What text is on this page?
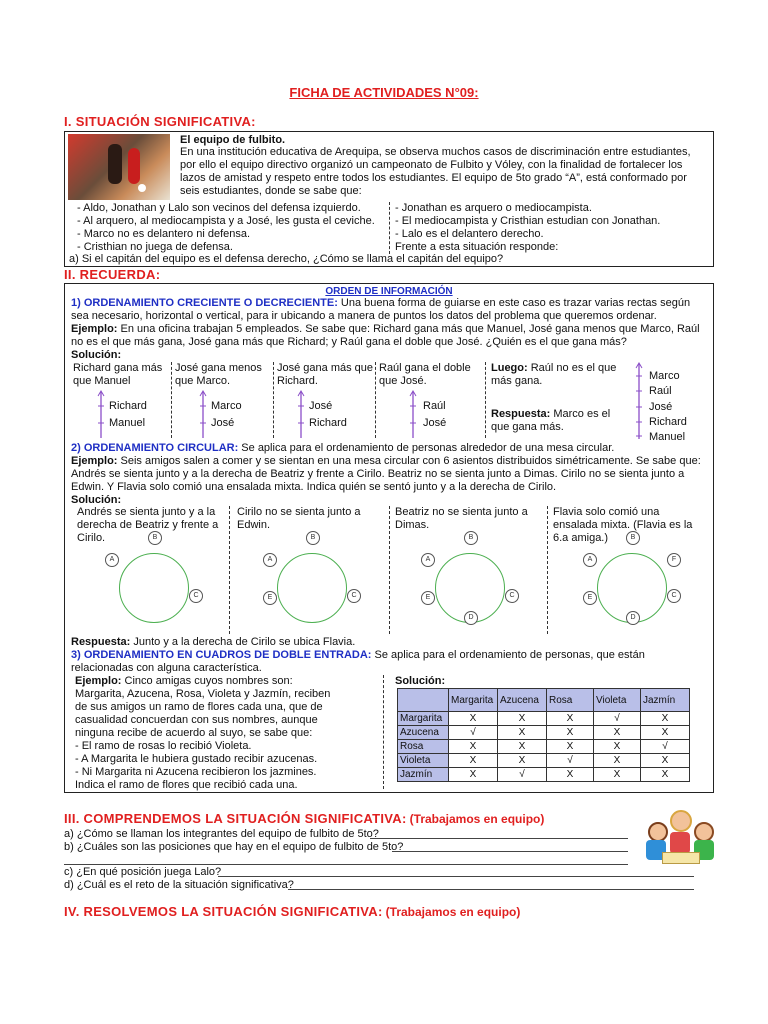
FICHA DE ACTIVIDADES N°09:
I. SITUACIÓN SIGNIFICATIVA:
El equipo de fulbito.
En una institución educativa de Arequipa, se observa muchos casos de discriminación entre estudiantes, por ello el equipo directivo organizó un campeonato de Fulbito y Vóley, con la finalidad de fortalecer los lazos de amistad y respeto entre todos los estudiantes. El equipo de 5to grado “A”, está conformado por seis estudiantes, donde se sabe que:
- Aldo, Jonathan y Lalo son vecinos del defensa izquierdo.
- Al arquero, al mediocampista y a José, les gusta el ceviche.
- Marco no es delantero ni defensa.
- Cristhian no juega de defensa.
- Jonathan es arquero o mediocampista.
- El mediocampista y Cristhian estudian con Jonathan.
- Lalo es el delantero derecho.
Frente a esta situación responde:
a) Si el capitán del equipo es el defensa derecho, ¿Cómo se llama el capitán del equipo?
II. RECUERDA:
ORDEN DE INFORMACIÓN
1) ORDENAMIENTO CRECIENTE O DECRECIENTE: Una buena forma de guiarse en este caso es trazar varias rectas según sea necesario, horizontal o vertical, para ir ubicando a manera de puntos los datos del problema que queremos ordenar.
Ejemplo: En una oficina trabajan 5 empleados. Se sabe que: Richard gana más que Manuel, José gana menos que Marco, Raúl no es el que más gana, José gana más que Richard; y Raúl gana el doble que José. ¿Quién es el que gana más?
Solución:
Richard gana más que Manuel
Richard
Manuel
José gana menos que Marco.
Marco
José
José gana más que Richard.
José
Richard
Raúl gana el doble que José.
Raúl
José
Luego: Raúl no es el que más gana.
Respuesta: Marco es el que gana más.
Marco
Raúl
José
Richard
Manuel
2) ORDENAMIENTO CIRCULAR: Se aplica para el ordenamiento de personas alrededor de una mesa circular.
Ejemplo: Seis amigos salen a comer y se sientan en una mesa circular con 6 asientos distribuidos simétricamente. Se sabe que: Andrés se sienta junto y a la derecha de Beatriz y frente a Cirilo. Beatriz no se sienta junto a Dimas. Cirilo no se sienta junto a Edwin. Y Flavia solo comió una ensalada mixta. Indica quién se sentó junto y a la derecha de Cirilo.
Solución:
Andrés se sienta junto y a la derecha de Beatriz y frente a Cirilo.
Cirilo no se sienta junto a Edwin.
Beatriz no se sienta junto a Dimas.
Flavia solo comió una ensalada mixta. (Flavia es la 6.a amiga.)
B
A
C
B
A
C
E
B
A
C
E
D
B
A
C
E
D
F
Respuesta: Junto y a la derecha de Cirilo se ubica Flavia.
3) ORDENAMIENTO EN CUADROS DE DOBLE ENTRADA: Se aplica para el ordenamiento de personas, que están relacionadas con alguna característica.
Ejemplo: Cinco amigas cuyos nombres son: Margarita, Azucena, Rosa, Violeta y Jazmín, reciben de sus amigos un ramo de flores cada una, que de casualidad concuerdan con sus nombres, aunque ninguna recibe de acuerdo al suyo, se sabe que:
- El ramo de rosas lo recibió Violeta.
- A Margarita le hubiera gustado recibir azucenas.
- Ni Margarita ni Azucena recibieron los jazmines.
Indica el ramo de flores que recibió cada una.
Solución:
	Margarita	Azucena	Rosa	Violeta	Jazmín
Margarita	X	X	X	√	X
Azucena	√	X	X	X	X
Rosa	X	X	X	X	√
Violeta	X	X	√	X	X
Jazmín	X	√	X	X	X
III. COMPRENDEMOS LA SITUACIÓN SIGNIFICATIVA: (Trabajamos en equipo)
a) ¿Cómo se llaman los integrantes del equipo de fulbito de 5to?
b) ¿Cuáles son las posiciones que hay en el equipo de fulbito de 5to?
c) ¿En qué posición juega Lalo?
d) ¿Cuál es el reto de la situación significativa?
IV. RESOLVEMOS LA SITUACIÓN SIGNIFICATIVA: (Trabajamos en equipo)
